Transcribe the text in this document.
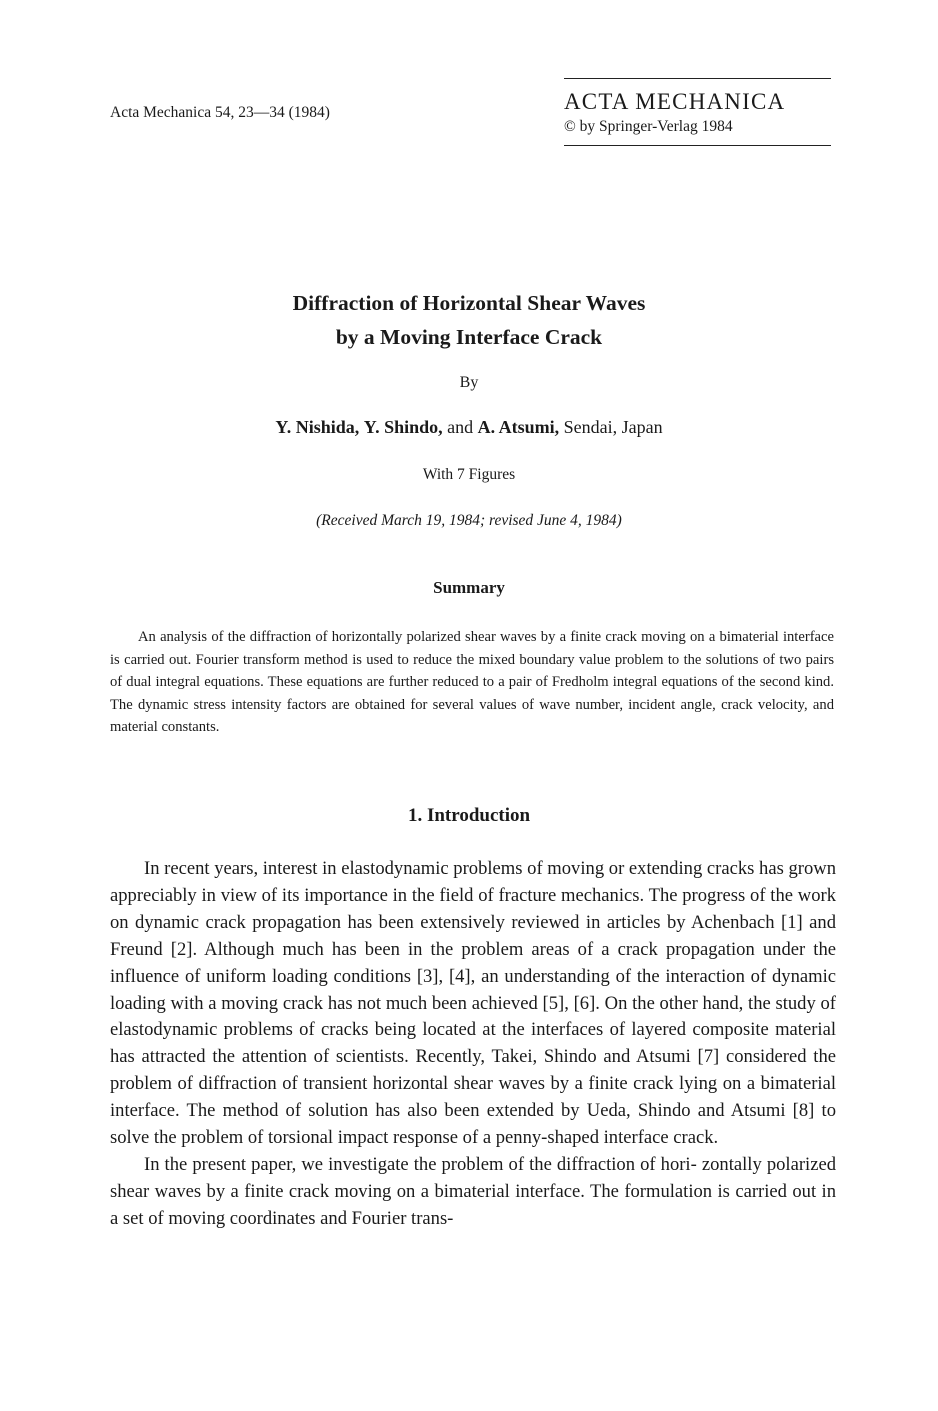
Acta Mechanica 54, 23—34 (1984)	ACTA MECHANICA
© by Springer-Verlag 1984
Diffraction of Horizontal Shear Waves
by a Moving Interface Crack
By
Y. Nishida, Y. Shindo, and A. Atsumi, Sendai, Japan
With 7 Figures
(Received March 19, 1984; revised June 4, 1984)
Summary

An analysis of the diffraction of horizontally polarized shear waves by a finite crack moving on a bimaterial interface is carried out. Fourier transform method is used to reduce the mixed boundary value problem to the solutions of two pairs of dual integral equations. These equations are further reduced to a pair of Fredholm integral equations of the second kind. The dynamic stress intensity factors are obtained for several values of wave number, incident angle, crack velocity, and material constants.

1. Introduction

In recent years, interest in elastodynamic problems of moving or extending cracks has grown appreciably in view of its importance in the field of fracture mechanics. The progress of the work on dynamic crack propagation has been extensively reviewed in articles by Achenbach [1] and Freund [2]. Although much has been in the problem areas of a crack propagation under the influence of uniform loading conditions [3], [4], an understanding of the interaction of dynamic loading with a moving crack has not much been achieved [5], [6]. On the other hand, the study of elastodynamic problems of cracks being located at the interfaces of layered composite material has attracted the attention of scientists. Recently, Takei, Shindo and Atsumi [7] considered the problem of diffraction of transient horizontal shear waves by a finite crack lying on a bimaterial interface. The method of solution has also been extended by Ueda, Shindo and Atsumi [8] to solve the problem of torsional impact response of a penny-shaped interface crack.

In the present paper, we investigate the problem of the diffraction of hori- zontally polarized shear waves by a finite crack moving on a bimaterial interface. The formulation is carried out in a set of moving coordinates and Fourier trans-
